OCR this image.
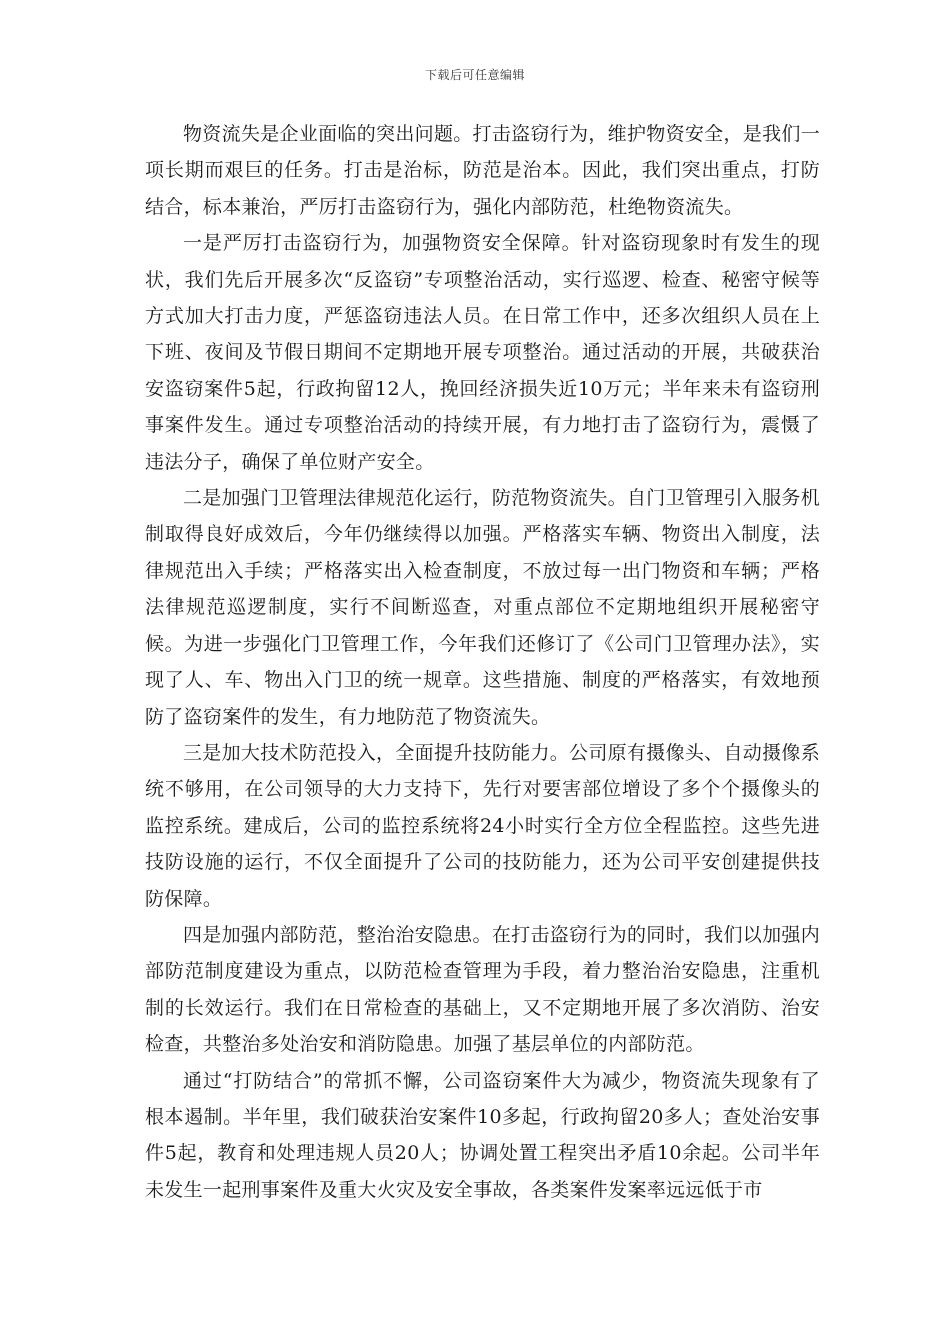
下载后可任意编辑

物资流失是企业面临的突出问题。打击盗窃行为，维护物资安全，是我们一项长期而艰巨的任务。打击是治标，防范是治本。因此，我们突出重点，打防结合，标本兼治，严厉打击盗窃行为，强化内部防范，杜绝物资流失。

一是严厉打击盗窃行为，加强物资安全保障。针对盗窃现象时有发生的现状，我们先后开展多次“反盗窃”专项整治活动，实行巡逻、检查、秘密守候等方式加大打击力度，严惩盗窃违法人员。在日常工作中，还多次组织人员在上下班、夜间及节假日期间不定期地开展专项整治。通过活动的开展，共破获治安盗窃案件5起，行政拘留12人，挽回经济损失近10万元；半年来未有盗窃刑事案件发生。通过专项整治活动的持续开展，有力地打击了盗窃行为，震慑了违法分子，确保了单位财产安全。

二是加强门卫管理法律规范化运行，防范物资流失。自门卫管理引入服务机制取得良好成效后，今年仍继续得以加强。严格落实车辆、物资出入制度，法律规范出入手续；严格落实出入检查制度，不放过每一出门物资和车辆；严格法律规范巡逻制度，实行不间断巡查，对重点部位不定期地组织开展秘密守候。为进一步强化门卫管理工作，今年我们还修订了《公司门卫管理办法》，实现了人、车、物出入门卫的统一规章。这些措施、制度的严格落实，有效地预防了盗窃案件的发生，有力地防范了物资流失。

三是加大技术防范投入，全面提升技防能力。公司原有摄像头、自动摄像系统不够用，在公司领导的大力支持下，先行对要害部位增设了多个个摄像头的监控系统。建成后，公司的监控系统将24小时实行全方位全程监控。这些先进技防设施的运行，不仅全面提升了公司的技防能力，还为公司平安创建提供技防保障。

四是加强内部防范，整治治安隐患。在打击盗窃行为的同时，我们以加强内部防范制度建设为重点，以防范检查管理为手段，着力整治治安隐患，注重机制的长效运行。我们在日常检查的基础上，又不定期地开展了多次消防、治安检查，共整治多处治安和消防隐患。加强了基层单位的内部防范。

通过“打防结合”的常抓不懈，公司盗窃案件大为减少，物资流失现象有了根本遏制。半年里，我们破获治安案件10多起，行政拘留20多人；查处治安事件5起，教育和处理违规人员20人；协调处置工程突出矛盾10余起。公司半年未发生一起刑事案件及重大火灾及安全事故，各类案件发案率远远低于市
